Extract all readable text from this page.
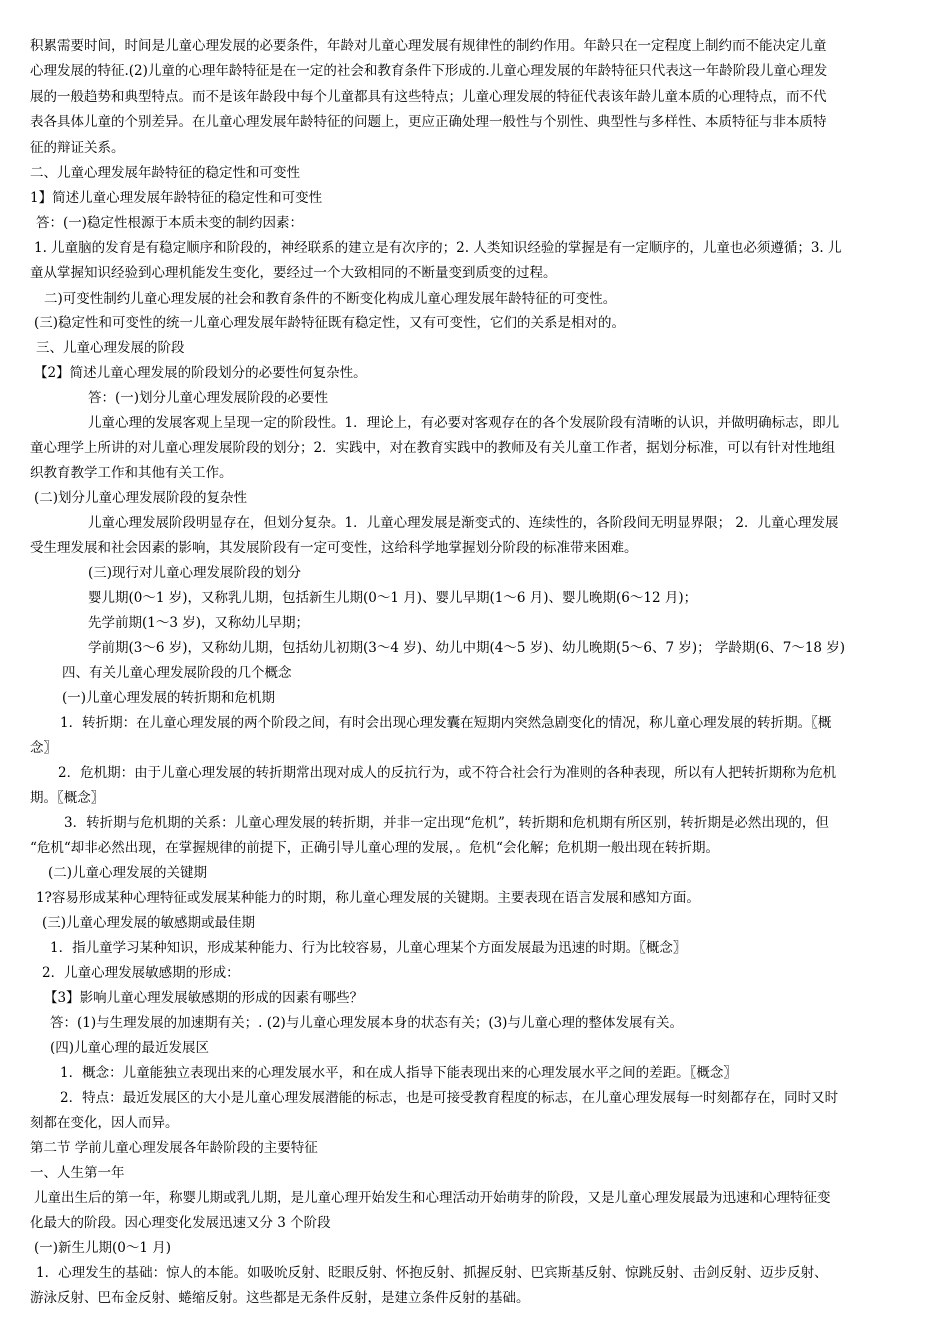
积累需要时间，时间是儿童心理发展的必要条件，年龄对儿童心理发展有规律性的制约作用。年龄只在一定程度上制约而不能决定儿童
心理发展的特征.(2)儿童的心理年龄特征是在一定的社会和教育条件下形成的.儿童心理发展的年龄特征只代表这一年龄阶段儿童心理发
展的一般趋势和典型特点。而不是该年龄段中每个儿童都具有这些特点；儿童心理发展的特征代表该年龄儿童本质的心理特点，而不代
表各具体儿童的个别差异。在儿童心理发展年龄特征的问题上，更应正确处理一般性与个别性、典型性与多样性、本质特征与非本质特
征的辩证关系。
二、儿童心理发展年龄特征的稳定性和可变性
1】简述儿童心理发展年龄特征的稳定性和可变性
答：(一)稳定性根源于本质未变的制约因素：
1. 儿童脑的发育是有稳定顺序和阶段的，神经联系的建立是有次序的；2. 人类知识经验的掌握是有一定顺序的，儿童也必须遵循；3. 儿
童从掌握知识经验到心理机能发生变化，要经过一个大致相同的不断量变到质变的过程。
二)可变性制约儿童心理发展的社会和教育条件的不断变化构成儿童心理发展年龄特征的可变性。
(三)稳定性和可变性的统一儿童心理发展年龄特征既有稳定性，又有可变性，它们的关系是相对的。
三、儿童心理发展的阶段
【2】简述儿童心理发展的阶段划分的必要性何复杂性。
答：(一)划分儿童心理发展阶段的必要性
儿童心理的发展客观上呈现一定的阶段性。1．理论上，有必要对客观存在的各个发展阶段有清晰的认识，并做明确标志，即儿
童心理学上所讲的对儿童心理发展阶段的划分；2．实践中，对在教育实践中的教师及有关儿童工作者，据划分标准，可以有针对性地组
织教育教学工作和其他有关工作。
(二)划分儿童心理发展阶段的复杂性
儿童心理发展阶段明显存在，但划分复杂。1．儿童心理发展是渐变式的、连续性的，各阶段间无明显界限； 2．儿童心理发展
受生理发展和社会因素的影响，其发展阶段有一定可变性，这给科学地掌握划分阶段的标准带来困难。
(三)现行对儿童心理发展阶段的划分
婴儿期(0～1 岁)，又称乳儿期，包括新生儿期(0～1 月)、婴儿早期(1～6 月)、婴儿晚期(6～12 月)；
先学前期(1～3 岁)，又称幼儿早期；
学前期(3～6 岁)，又称幼儿期，包括幼儿初期(3～4 岁)、幼儿中期(4～5 岁)、幼儿晚期(5～6、7 岁)； 学龄期(6、7～18 岁)
四、有关儿童心理发展阶段的几个概念
(一)儿童心理发展的转折期和危机期
1．转折期：在儿童心理发展的两个阶段之间，有时会出现心理发囊在短期内突然急剧变化的情况，称儿童心理发展的转折期。〖概
念〗
2．危机期：由于儿童心理发展的转折期常出现对成人的反抗行为，或不符合社会行为准则的各种表现，所以有人把转折期称为危机
期。〖概念〗
3．转折期与危机期的关系：儿童心理发展的转折期，并非一定出现“危机”，转折期和危机期有所区别，转折期是必然出现的，但
“危机“却非必然出现，在掌握规律的前提下，正确引导儿童心理的发展，。危机“会化解；危机期一般出现在转折期。
(二)儿童心理发展的关键期
1?容易形成某种心理特征或发展某种能力的时期，称儿童心理发展的关键期。主要表现在语言发展和感知方面。
(三)儿童心理发展的敏感期或最佳期
1．指儿童学习某种知识，形成某种能力、行为比较容易，儿童心理某个方面发展最为迅速的时期。〖概念〗
2．儿童心理发展敏感期的形成：
【3】影响儿童心理发展敏感期的形成的因素有哪些？
答：(1)与生理发展的加速期有关；. (2)与儿童心理发展本身的状态有关；(3)与儿童心理的整体发展有关。
(四)儿童心理的最近发展区
1．概念：儿童能独立表现出来的心理发展水平，和在成人指导下能表现出来的心理发展水平之间的差距。〖概念〗
2．特点：最近发展区的大小是儿童心理发展潜能的标志，也是可接受教育程度的标志，在儿童心理发展每一时刻都存在，同时又时
刻都在变化，因人而异。
第二节 学前儿童心理发展各年龄阶段的主要特征
一、人生第一年
儿童出生后的第一年，称婴儿期或乳儿期，是儿童心理开始发生和心理活动开始萌芽的阶段，又是儿童心理发展最为迅速和心理特征变
化最大的阶段。因心理变化发展迅速又分 3 个阶段
(一)新生儿期(0～1 月)
1．心理发生的基础：惊人的本能。如吸吮反射、眨眼反射、怀抱反射、抓握反射、巴宾斯基反射、惊跳反射、击剑反射、迈步反射、
游泳反射、巴布金反射、蜷缩反射。这些都是无条件反射，是建立条件反射的基础。
